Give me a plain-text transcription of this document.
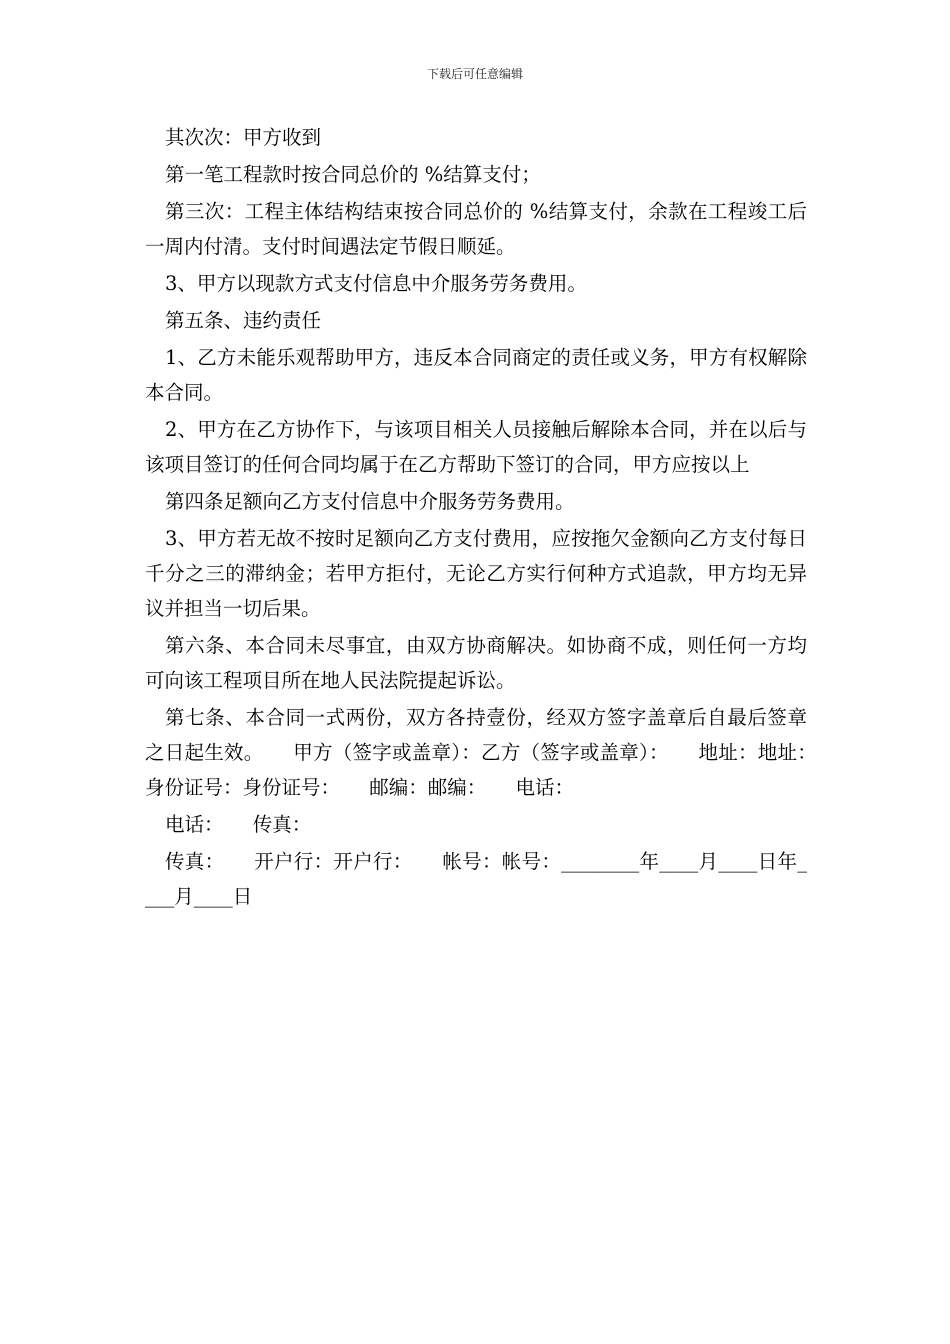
下载后可任意编辑

其次次：甲方收到

第一笔工程款时按合同总价的 %结算支付；

第三次：工程主体结构结束按合同总价的 %结算支付，余款在工程竣工后一周内付清。支付时间遇法定节假日顺延。

3、甲方以现款方式支付信息中介服务劳务费用。

第五条、违约责任

1、乙方未能乐观帮助甲方，违反本合同商定的责任或义务，甲方有权解除本合同。

2、甲方在乙方协作下，与该项目相关人员接触后解除本合同，并在以后与该项目签订的任何合同均属于在乙方帮助下签订的合同，甲方应按以上

第四条足额向乙方支付信息中介服务劳务费用。

3、甲方若无故不按时足额向乙方支付费用，应按拖欠金额向乙方支付每日千分之三的滞纳金；若甲方拒付，无论乙方实行何种方式追款，甲方均无异议并担当一切后果。

第六条、本合同未尽事宜，由双方协商解决。如协商不成，则任何一方均可向该工程项目所在地人民法院提起诉讼。

第七条、本合同一式两份，双方各持壹份，经双方签字盖章后自最后签章之日起生效。　　甲方（签字或盖章）：乙方（签字或盖章）：　　地址：地址：　　身份证号：身份证号：　　邮编：邮编：　　电话：

电话：　　传真：

传真：　　开户行：开户行：　　帐号：帐号：________年____月____日年____月____日
